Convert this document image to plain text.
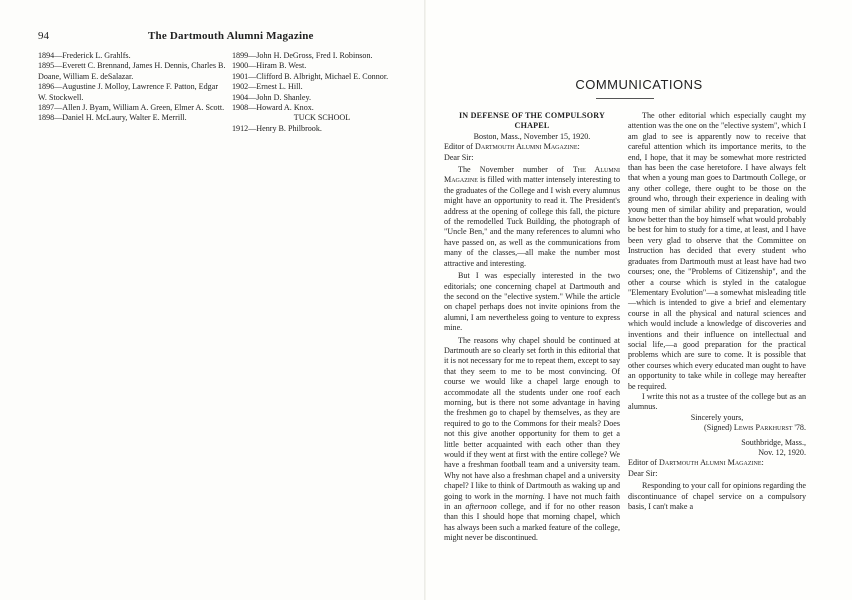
94	The Dartmouth Alumni Magazine

1894—Frederick L. Grahlfs.

1895—Everett C. Brennand, James H. Dennis, Charles B. Doane, William E. deSalazar.

1896—Augustine J. Molloy, Lawrence F. Patton, Edgar W. Stockwell.

1897—Allen J. Byam, William A. Green, Elmer A. Scott.

1898—Daniel H. McLaury, Walter E. Merrill.

1899—John H. DeGross, Fred I. Robinson.

1900—Hiram B. West.

1901—Clifford B. Albright, Michael E. Connor.

1902—Ernest L. Hill.

1904—John D. Shanley.

1908—Howard A. Knox.

TUCK SCHOOL

1912—Henry B. Philbrook.

COMMUNICATIONS

IN DEFENSE OF THE COMPULSORY CHAPEL

Boston, Mass., November 15, 1920.

Editor of Dartmouth Alumni Magazine:

Dear Sir:

The November number of The Alumni Magazine is filled with matter intensely interesting to the graduates of the College and I wish every alumnus might have an opportunity to read it. The President's address at the opening of college this fall, the picture of the remodelled Tuck Building, the photograph of "Uncle Ben," and the many references to alumni who have passed on, as well as the communications from many of the classes,—all make the number most attractive and interesting.

But I was especially interested in the two editorials; one concerning chapel at Dartmouth and the second on the "elective system." While the article on chapel perhaps does not invite opinions from the alumni, I am nevertheless going to venture to express mine.

The reasons why chapel should be continued at Dartmouth are so clearly set forth in this editorial that it is not necessary for me to repeat them, except to say that they seem to me to be most convincing. Of course we would like a chapel large enough to accommodate all the students under one roof each morning, but is there not some advantage in having the freshmen go to chapel by themselves, as they are required to go to the Commons for their meals? Does not this give another opportunity for them to get a little better acquainted with each other than they would if they went at first with the entire college? We have a freshman football team and a university team. Why not have also a freshman chapel and a university chapel? I like to think of Dartmouth as waking up and going to work in the morning. I have not much faith in an afternoon college, and if for no other reason than this I should hope that morning chapel, which has always been such a marked feature of the college, might never be discontinued.

The other editorial which especially caught my attention was the one on the "elective system", which I am glad to see is apparently now to receive that careful attention which its importance merits, to the end, I hope, that it may be somewhat more restricted than has been the case heretofore. I have always felt that when a young man goes to Dartmouth College, or any other college, there ought to be those on the ground who, through their experience in dealing with young men of similar ability and preparation, would know better than the boy himself what would probably be best for him to study for a time, at least, and I have been very glad to observe that the Committee on Instruction has decided that every student who graduates from Dartmouth must at least have had two courses; one, the "Problems of Citizenship", and the other a course which is styled in the catalogue "Elementary Evolution"—a somewhat misleading title—which is intended to give a brief and elementary course in all the physical and natural sciences and which would include a knowledge of discoveries and inventions and their influence on intellectual and social life,—a good preparation for the practical problems which are sure to come. It is possible that other courses which every educated man ought to have an opportunity to take while in college may hereafter be required.

I write this not as a trustee of the college but as an alumnus.

Sincerely yours,

(Signed) Lewis Parkhurst '78.

Southbridge, Mass.,

Nov. 12, 1920.

Editor of Dartmouth Alumni Magazine:

Dear Sir:

Responding to your call for opinions regarding the discontinuance of chapel service on a compulsory basis, I can't make a
